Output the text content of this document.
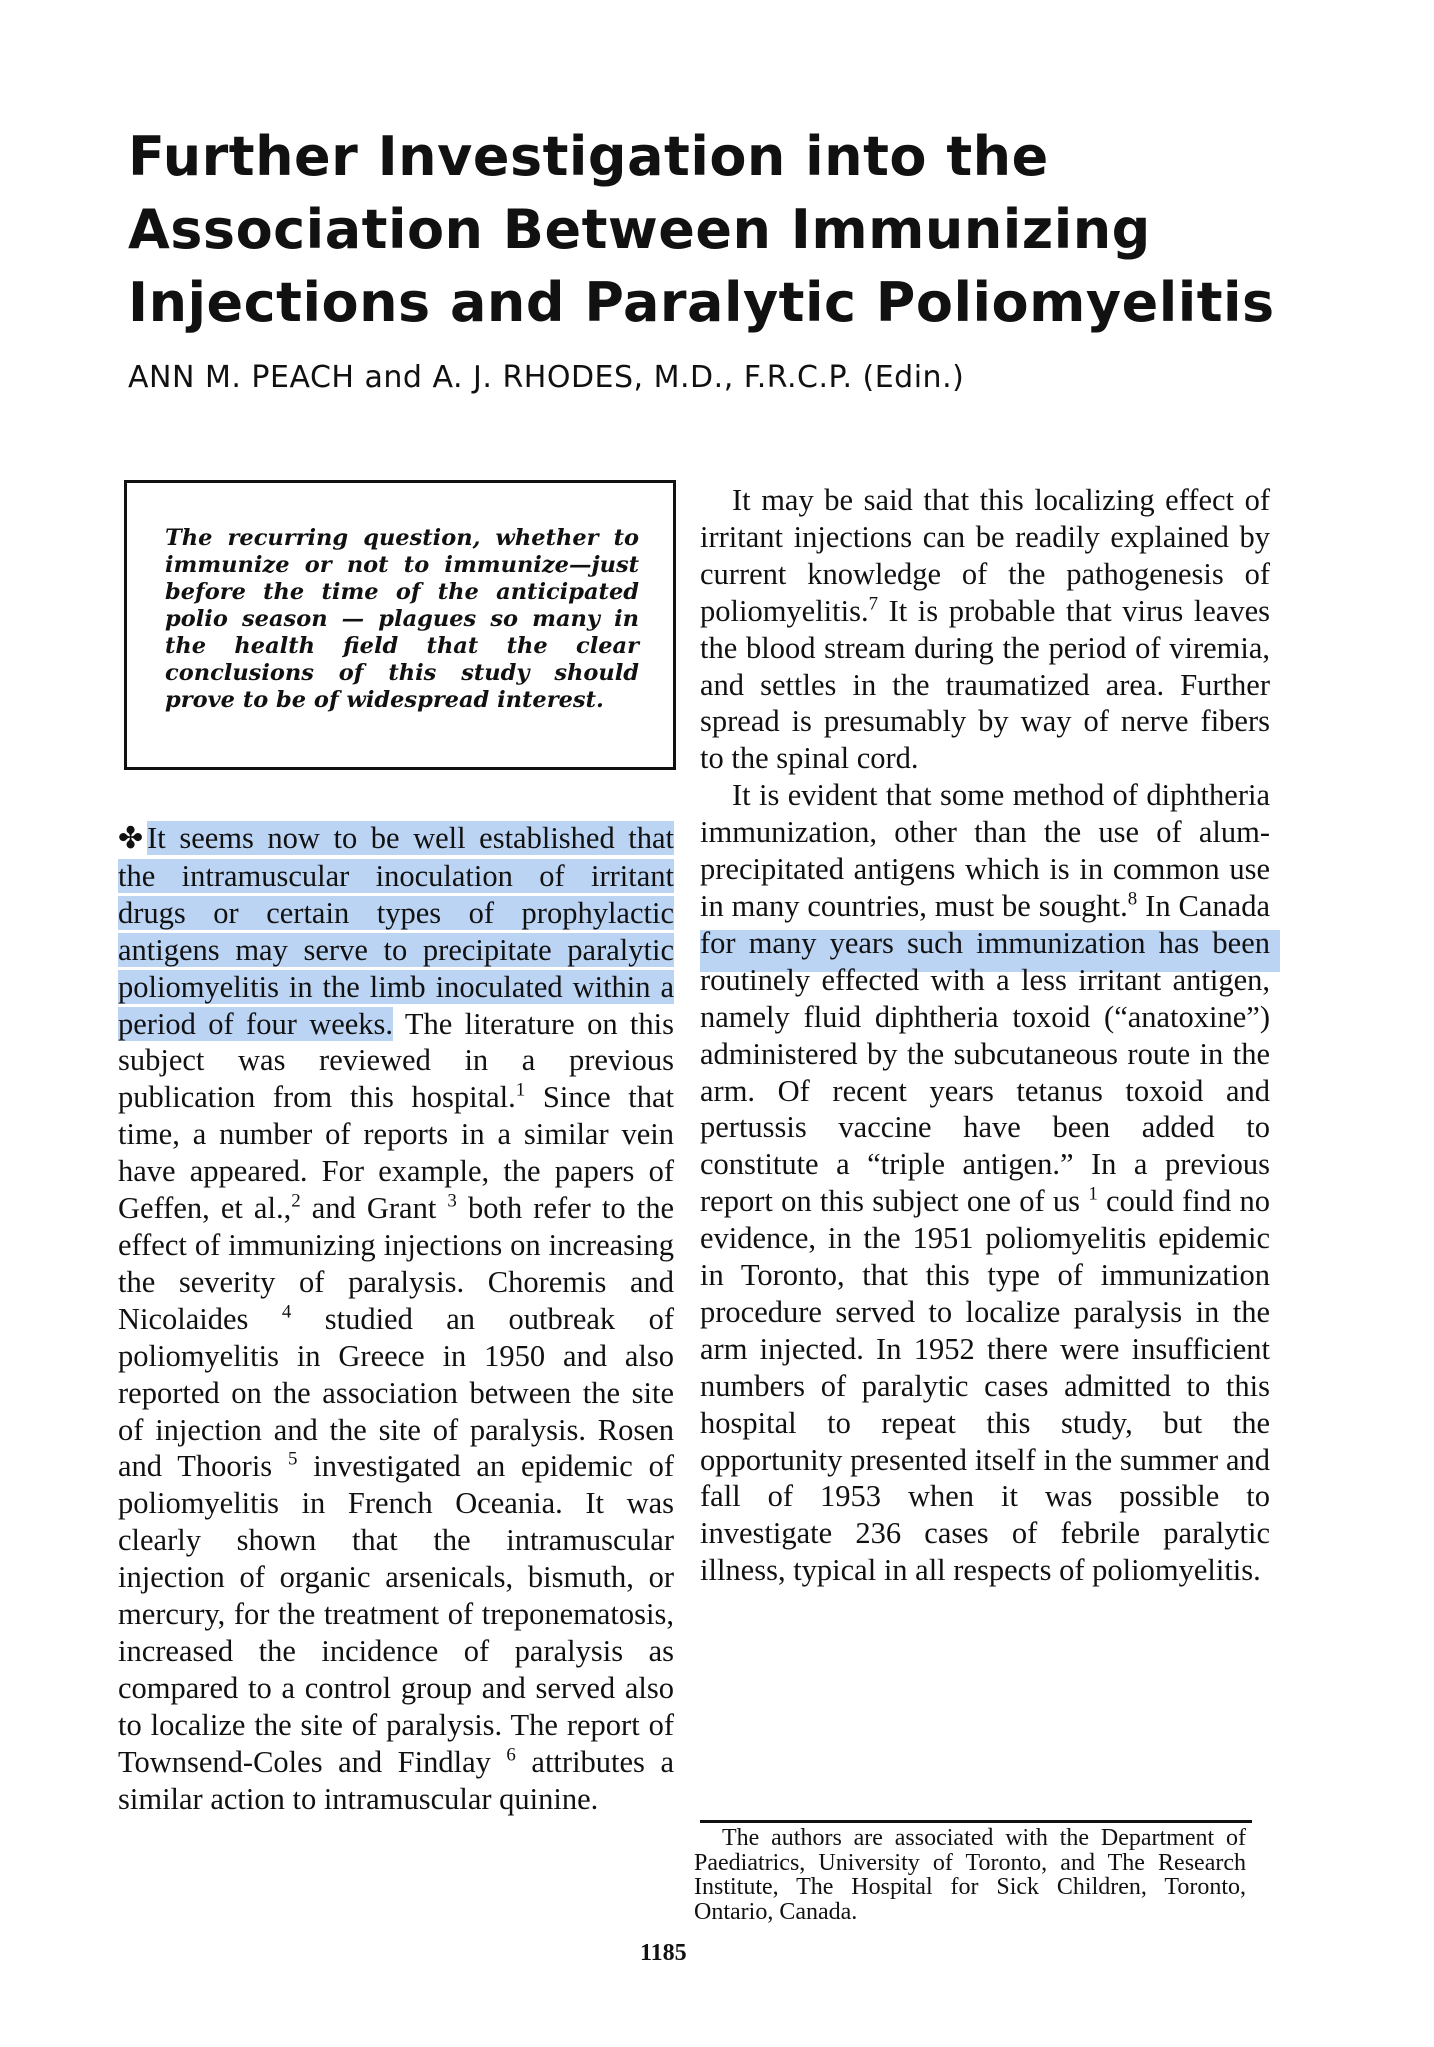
Further Investigation into the Association Between Immunizing Injections and Paralytic Poliomyelitis

ANN M. PEACH and A. J. RHODES, M.D., F.R.C.P. (Edin.)

The recurring question, whether to immunize or not to immunize—just before the time of the anticipated polio season — plagues so many in the health field that the clear conclusions of this study should prove to be of widespread interest.

✤ It seems now to be well established that the intramuscular inoculation of irritant drugs or certain types of prophylactic antigens may serve to precipitate paralytic poliomyelitis in the limb inoculated within a period of four weeks. The literature on this subject was reviewed in a previous publication from this hospital.$^1$ Since that time, a number of reports in a similar vein have appeared. For example, the papers of Geffen, et al.,$^2$ and Grant $^3$ both refer to the effect of immunizing injections on increasing the severity of paralysis. Choremis and Nicolaides $^4$ studied an outbreak of poliomyelitis in Greece in 1950 and also reported on the association between the site of injection and the site of paralysis. Rosen and Thooris $^5$ investigated an epidemic of poliomyelitis in French Oceania. It was clearly shown that the intramuscular injection of organic arsenicals, bismuth, or mercury, for the treatment of treponematosis, increased the incidence of paralysis as compared to a control group and served also to localize the site of paralysis. The report of Townsend-Coles and Findlay $^6$ attributes a similar action to intramuscular quinine.

It may be said that this localizing effect of irritant injections can be readily explained by current knowledge of the pathogenesis of poliomyelitis.$^7$ It is probable that virus leaves the blood stream during the period of viremia, and settles in the traumatized area. Further spread is presumably by way of nerve fibers to the spinal cord.

It is evident that some method of diphtheria immunization, other than the use of alum-precipitated antigens which is in common use in many countries, must be sought.$^8$ In Canada for many years such immunization has been routinely effected with a less irritant antigen, namely fluid diphtheria toxoid (“anatoxine”) administered by the subcutaneous route in the arm. Of recent years tetanus toxoid and pertussis vaccine have been added to constitute a “triple antigen.” In a previous report on this subject one of us $^1$ could find no evidence, in the 1951 poliomyelitis epidemic in Toronto, that this type of immunization procedure served to localize paralysis in the arm injected. In 1952 there were insufficient numbers of paralytic cases admitted to this hospital to repeat this study, but the opportunity presented itself in the summer and fall of 1953 when it was possible to investigate 236 cases of febrile paralytic illness, typical in all respects of poliomyelitis.

The authors are associated with the Department of Paediatrics, University of Toronto, and The Research Institute, The Hospital for Sick Children, Toronto, Ontario, Canada.

1185
